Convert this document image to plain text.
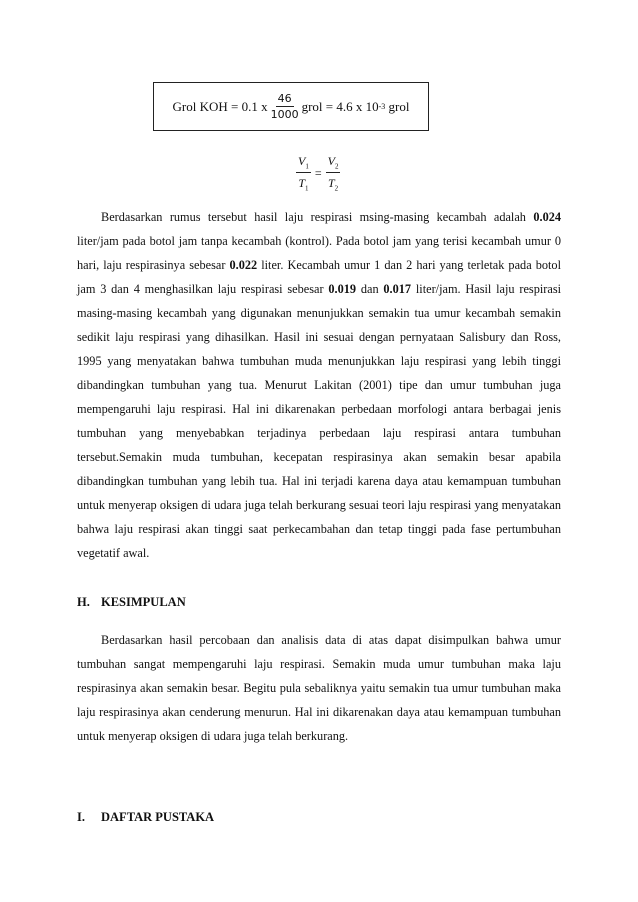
Grol KOH = 0.1 x $\frac{46}{1000}$ grol = 4.6 x 10 -3
grol
$\frac{V_1}{T_1} = \frac{V_2}{T_2}$

Berdasarkan rumus tersebut hasil laju respirasi msing-masing kecambah adalah 0.024 liter/jam pada botol jam tanpa kecambah (kontrol). Pada botol jam yang terisi kecambah umur 0 hari, laju respirasinya sebesar 0.022 liter. Kecambah umur 1 dan 2 hari yang terletak pada botol jam 3 dan 4 menghasilkan laju respirasi sebesar 0.019 dan 0.017 liter/jam. Hasil laju respirasi masing-masing kecambah yang digunakan menunjukkan semakin tua umur kecambah semakin sedikit laju respirasi yang dihasilkan. Hasil ini sesuai dengan pernyataan Salisbury dan Ross, 1995 yang menyatakan bahwa tumbuhan muda menunjukkan laju respirasi yang lebih tinggi dibandingkan tumbuhan yang tua. Menurut Lakitan (2001) tipe dan umur tumbuhan juga mempengaruhi laju respirasi. Hal ini dikarenakan perbedaan morfologi antara berbagai jenis tumbuhan yang menyebabkan terjadinya perbedaan laju respirasi antara tumbuhan tersebut.Semakin muda tumbuhan, kecepatan respirasinya akan semakin besar apabila dibandingkan tumbuhan yang lebih tua. Hal ini terjadi karena daya atau kemampuan tumbuhan untuk menyerap oksigen di udara juga telah berkurang sesuai teori laju respirasi yang menyatakan bahwa laju respirasi akan tinggi saat perkecambahan dan tetap tinggi pada fase pertumbuhan vegetatif awal.

H. KESIMPULAN

Berdasarkan hasil percobaan dan analisis data di atas dapat disimpulkan bahwa umur tumbuhan sangat mempengaruhi laju respirasi. Semakin muda umur tumbuhan maka laju respirasinya akan semakin besar. Begitu pula sebaliknya yaitu semakin tua umur tumbuhan maka laju respirasinya akan cenderung menurun. Hal ini dikarenakan daya atau kemampuan tumbuhan untuk menyerap oksigen di udara juga telah berkurang.

I. DAFTAR PUSTAKA
